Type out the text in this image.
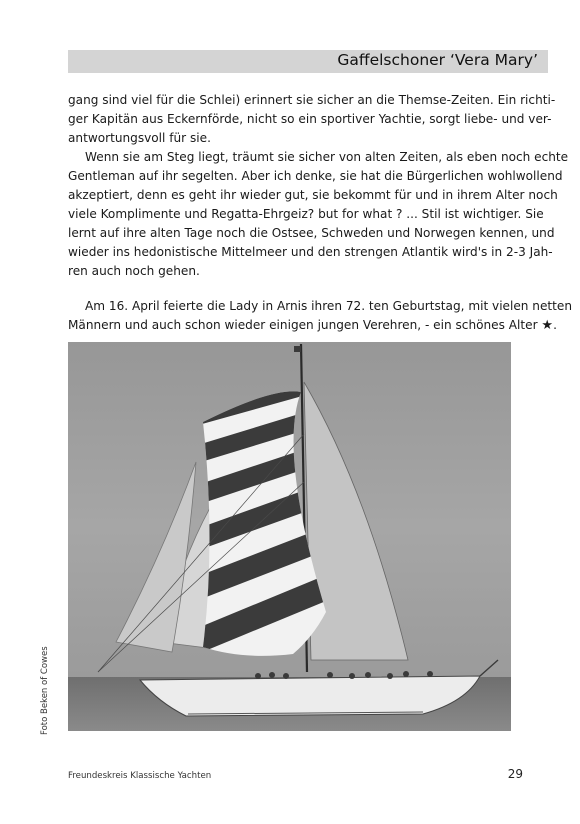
Gaffelschoner ‘Vera Mary’

gang sind viel für die Schlei) erinnert sie sicher an die Themse-Zeiten. Ein richti-

ger Kapitän aus Eckernförde, nicht so ein sportiver Yachtie, sorgt liebe- und ver-

antwortungsvoll für sie.

Wenn sie am Steg liegt, träumt sie sicher von alten Zeiten, als eben noch echte

Gentleman auf ihr segelten. Aber ich denke, sie hat die Bürgerlichen wohlwollend

akzeptiert, denn es geht ihr wieder gut, sie bekommt für und in ihrem Alter noch

viele Komplimente und Regatta-Ehrgeiz? but for what ? ... Stil ist wichtiger. Sie

lernt auf ihre alten Tage noch die Ostsee, Schweden und Norwegen kennen, und

wieder ins hedonistische Mittelmeer und den strengen Atlantik wird's in 2-3 Jah-

ren auch noch gehen.

Am 16. April feierte die Lady in Arnis ihren 72. ten Geburtstag, mit vielen netten

Männern und auch schon wieder einigen jungen Verehren, - ein schönes Alter ★.

Foto Beken of Cowes
Freundeskreis Klassische Yachten	29
